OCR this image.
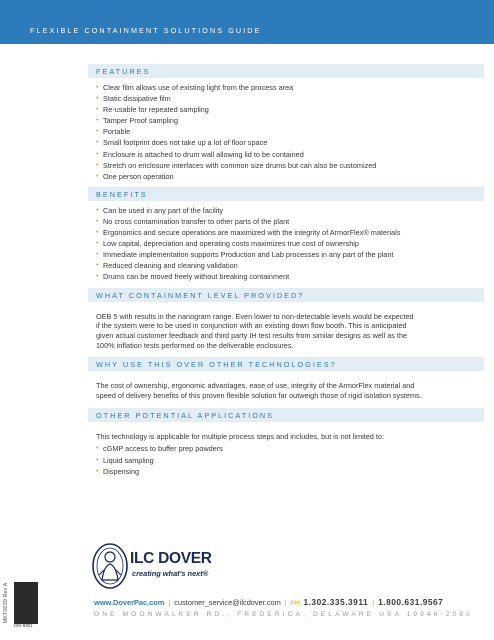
FLEXIBLE CONTAINMENT SOLUTIONS GUIDE
FEATURES
• Clear film allows use of existing light from the process area
• Static dissipative film
• Re-usable for repeated sampling
• Tamper Proof sampling
• Portable
• Small footprint does not take up a lot of floor space
• Enclosure is attached to drum wall allowing lid to be contained
• Stretch on enclosure interfaces with common size drums but can also be customized
• One person operation
BENEFITS
• Can be used in any part of the facility
• No cross contamination transfer to other parts of the plant
• Ergonomics and secure operations are maximized with the integrity of ArmorFlex® materials
• Low capital, depreciation and operating costs maximizes true cost of ownership
• Immediate implementation supports Production and Lab processes in any part of the plant
• Reduced cleaning and cleaning validation
• Drums can be moved freely without breaking containment
WHAT CONTAINMENT LEVEL PROVIDED?
OEB 5 with results in the nanogram range. Even lower to non-detectable levels would be expected
if the system were to be used in conjunction with an existing down flow booth. This is anticipated
given actual customer feedback and third party IH test results from similar designs as well as the
100% inflation tests performed on the deliverable enclosures.
WHY USE THIS OVER OTHER TECHNOLOGIES?
The cost of ownership, ergonomic advantages, ease of use, integrity of the ArmorFlex material and
speed of delivery benefits of this proven flexible solution far outweigh those of rigid isolation systems.
OTHER POTENTIAL APPLICATIONS
This technology is applicable for multiple process steps and includes, but is not limited to:
• cGMP access to buffer prep powders
• Liquid sampling
• Dispensing
ILC DOVER
creating what's next®
www.DoverPac.com | customer_service@ilcdover.com | PH: 1.302.335.3911 | 1.800.631.9567
ONE MOONWALKER RD., FREDERICA, DELAWARE USA 19946-2080
MKT0039 Rev A
ISO 9001
